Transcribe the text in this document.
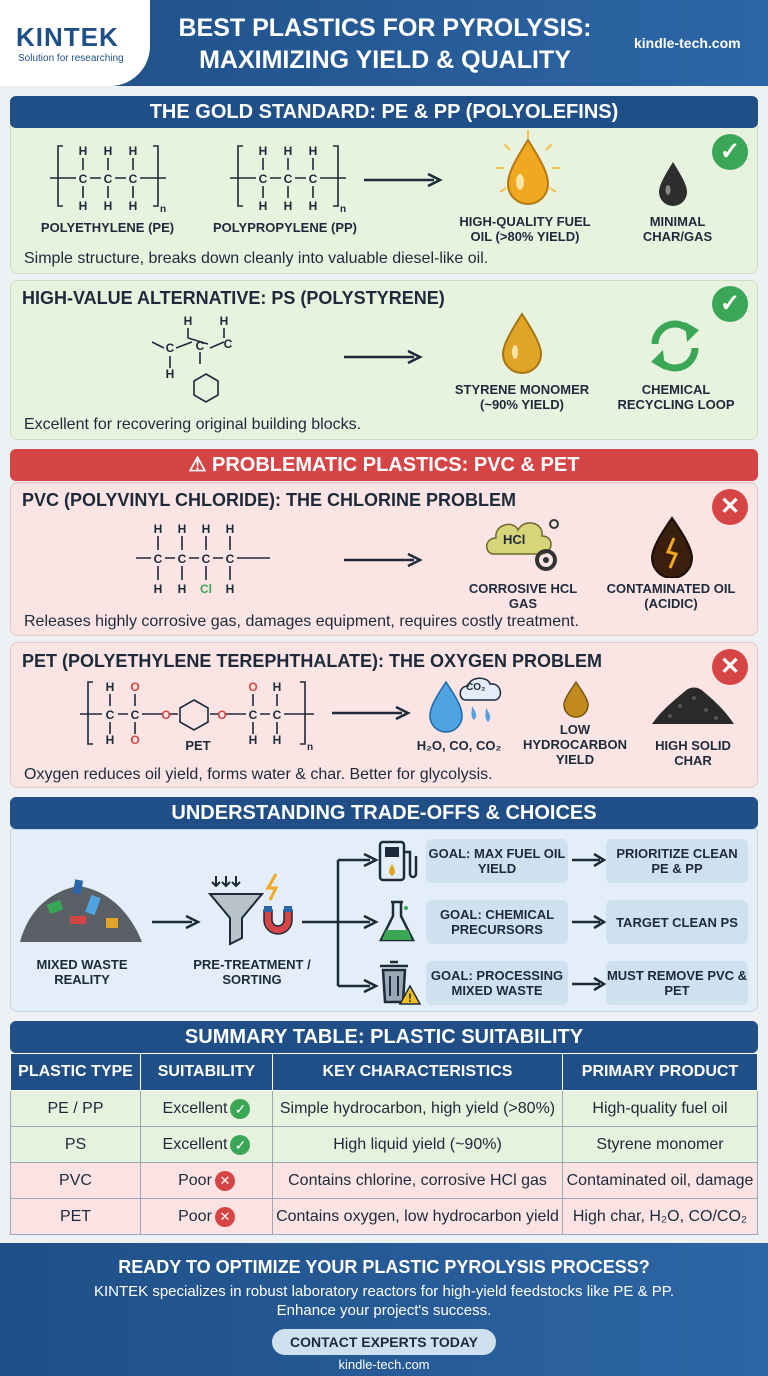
KINTEK
Solution for researching
BEST PLASTICS FOR PYROLYSIS:
MAXIMIZING YIELD & QUALITY
kindle-tech.com
THE GOLD STANDARD: PE & PP (POLYOLEFINS)
✓
H H H
C C C
H H H n
H H H
C C C
H H H n
POLYETHYLENE (PE)	POLYPROPYLENE (PP)	HIGH-QUALITY FUEL OIL (>80% YIELD)
MINIMAL CHAR/GAS
Simple structure, breaks down cleanly into valuable diesel-like oil.
HIGH-VALUE ALTERNATIVE: PS (POLYSTYRENE)	✓
H H
C C C
H
STYRENE MONOMER (~90% YIELD)
CHEMICAL RECYCLING LOOP
Excellent for recovering original building blocks.
⚠ PROBLEMATIC PLASTICS: PVC & PET
PVC (POLYVINYL CHLORIDE): THE CHLORINE PROBLEM	✕
H H H H
C C C C
H H Cl H
HCl
CORROSIVE HCL GAS
CONTAMINATED OIL (ACIDIC)
Releases highly corrosive gas, damages equipment, requires costly treatment.
PET (POLYETHYLENE TEREPHTHALATE): THE OXYGEN PROBLEM	✕
H O	O H
C C O	O C C
H O	H H
n
PET
CO₂
H₂O, CO, CO₂
LOW HYDROCARBON YIELD
HIGH SOLID CHAR
Oxygen reduces oil yield, forms water & char. Better for glycolysis.
UNDERSTANDING TRADE-OFFS & CHOICES
MIXED WASTE REALITY
PRE-TREATMENT / SORTING
!
GOAL: MAX FUEL OIL YIELD
GOAL: CHEMICAL PRECURSORS
GOAL: PROCESSING MIXED WASTE
PRIORITIZE CLEAN PE & PP
TARGET CLEAN PS
MUST REMOVE PVC & PET
SUMMARY TABLE: PLASTIC SUITABILITY
PLASTIC TYPE	SUITABILITY	KEY CHARACTERISTICS	PRIMARY PRODUCT
PE / PP	Excellent ✓	Simple hydrocarbon, high yield (>80%)	High-quality fuel oil
PS	Excellent ✓	High liquid yield (~90%)	Styrene monomer
PVC	Poor ✕	Contains chlorine, corrosive HCl gas	Contaminated oil, damage
PET	Poor ✕	Contains oxygen, low hydrocarbon yield	High char, H₂O, CO/CO₂
READY TO OPTIMIZE YOUR PLASTIC PYROLYSIS PROCESS?
KINTEK specializes in robust laboratory reactors for high-yield feedstocks like PE & PP.
Enhance your project's success.
CONTACT EXPERTS TODAY
kindle-tech.com
